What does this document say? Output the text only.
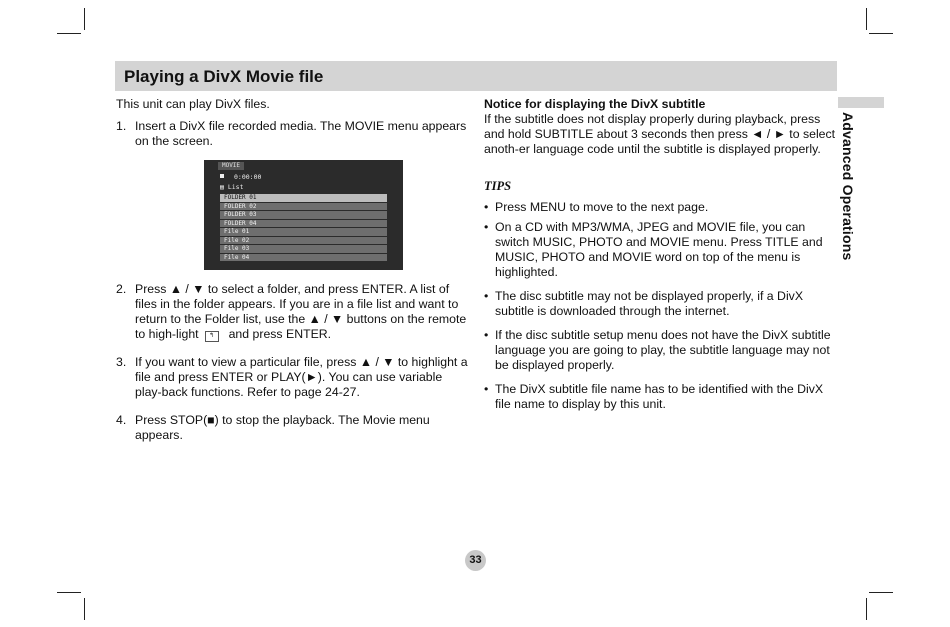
Playing a DivX Movie file
Advanced Operations

This unit can play DivX files.

1. Insert a DivX file recorded media. The MOVIE menu appears on the screen.
MOVIE
0:00:00
▤ List
FOLDER 01
FOLDER 02
FOLDER 03
FOLDER 04
File 01
File 02
File 03
File 04
2. Press ▲ / ▼ to select a folder, and press ENTER. A list of files in the folder appears. If you are in a file list and want to return to the Folder list, use the ▲ / ▼ buttons on the remote to high-light ↰ and press ENTER.
3. If you want to view a particular file, press ▲ / ▼ to highlight a file and press ENTER or PLAY(►). You can use variable play-back functions. Refer to page 24-27.
4. Press STOP(■) to stop the playback. The Movie menu appears.

Notice for displaying the DivX subtitle

If the subtitle does not display properly during playback, press and hold SUBTITLE about 3 seconds then press ◄ / ► to select anoth-er language code until the subtitle is displayed properly.

TIPS

• Press MENU to move to the next page.
• On a CD with MP3/WMA, JPEG and MOVIE file, you can switch MUSIC, PHOTO and MOVIE menu. Press TITLE and MUSIC, PHOTO and MOVIE word on top of the menu is highlighted.
• The disc subtitle may not be displayed properly, if a DivX subtitle is downloaded through the internet.
• If the disc subtitle setup menu does not have the DivX subtitle language you are going to play, the subtitle language may not be displayed properly.
• The DivX subtitle file name has to be identified with the DivX file name to display by this unit.
33
